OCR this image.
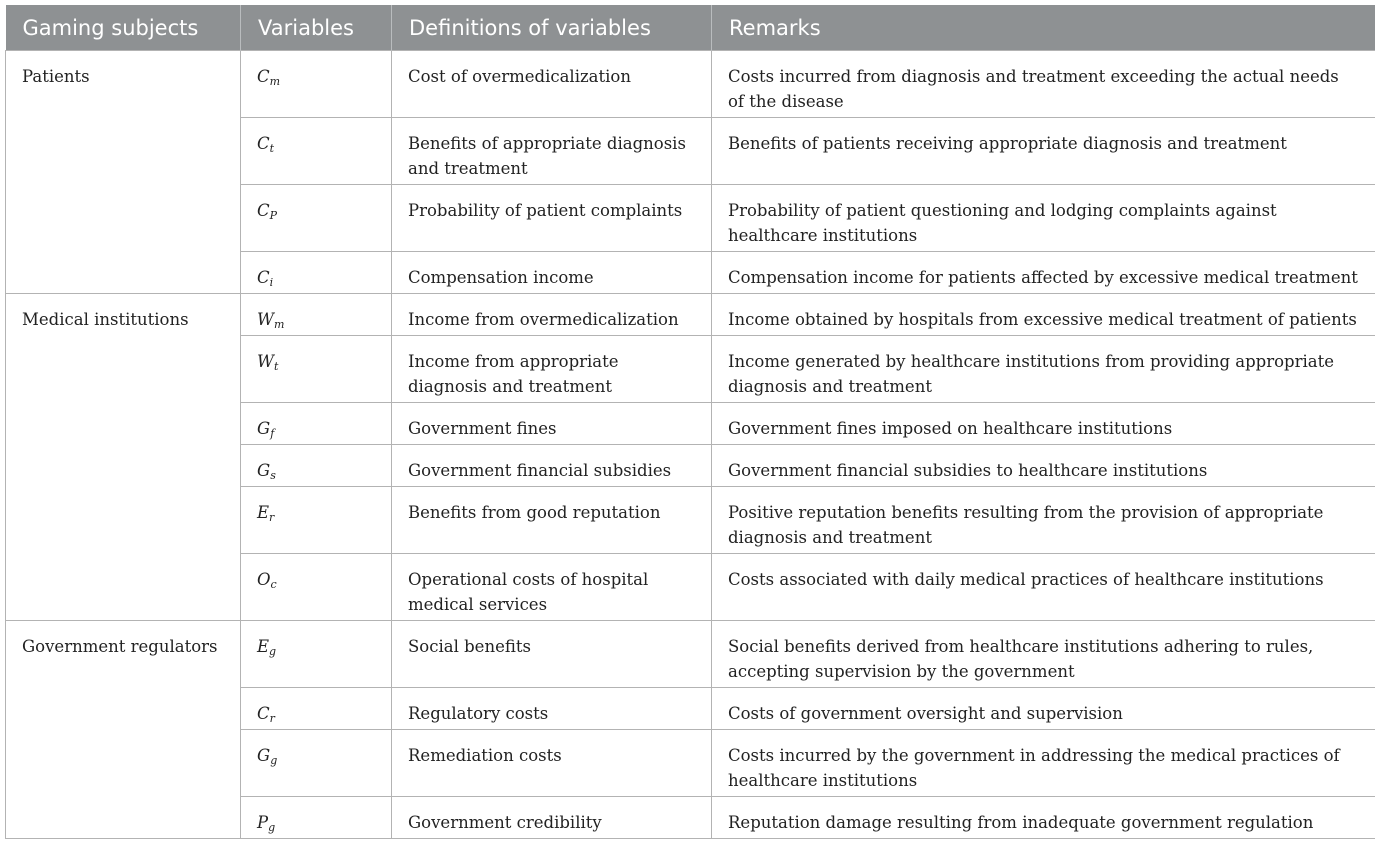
Gaming subjects	Variables	Definitions of variables	Remarks
Patients	$C_m$	Cost of overmedicalization	Costs incurred from diagnosis and treatment exceeding the actual needs of the disease
	$C_t$	Benefits of appropriate diagnosis and treatment	Benefits of patients receiving appropriate diagnosis and treatment
	$C_P$	Probability of patient complaints	Probability of patient questioning and lodging complaints against healthcare institutions
	$C_i$	Compensation income	Compensation income for patients affected by excessive medical treatment
Medical institutions	$W_m$	Income from overmedicalization	Income obtained by hospitals from excessive medical treatment of patients
	$W_t$	Income from appropriate diagnosis and treatment	Income generated by healthcare institutions from providing appropriate diagnosis and treatment
	$G_f$	Government fines	Government fines imposed on healthcare institutions
	$G_s$	Government financial subsidies	Government financial subsidies to healthcare institutions
	$E_r$	Benefits from good reputation	Positive reputation benefits resulting from the provision of appropriate diagnosis and treatment
	$O_c$	Operational costs of hospital medical services	Costs associated with daily medical practices of healthcare institutions
Government regulators	$E_g$	Social benefits	Social benefits derived from healthcare institutions adhering to rules, accepting supervision by the government
	$C_r$	Regulatory costs	Costs of government oversight and supervision
	$G_g$	Remediation costs	Costs incurred by the government in addressing the medical practices of healthcare institutions
	$P_g$	Government credibility	Reputation damage resulting from inadequate government regulation
